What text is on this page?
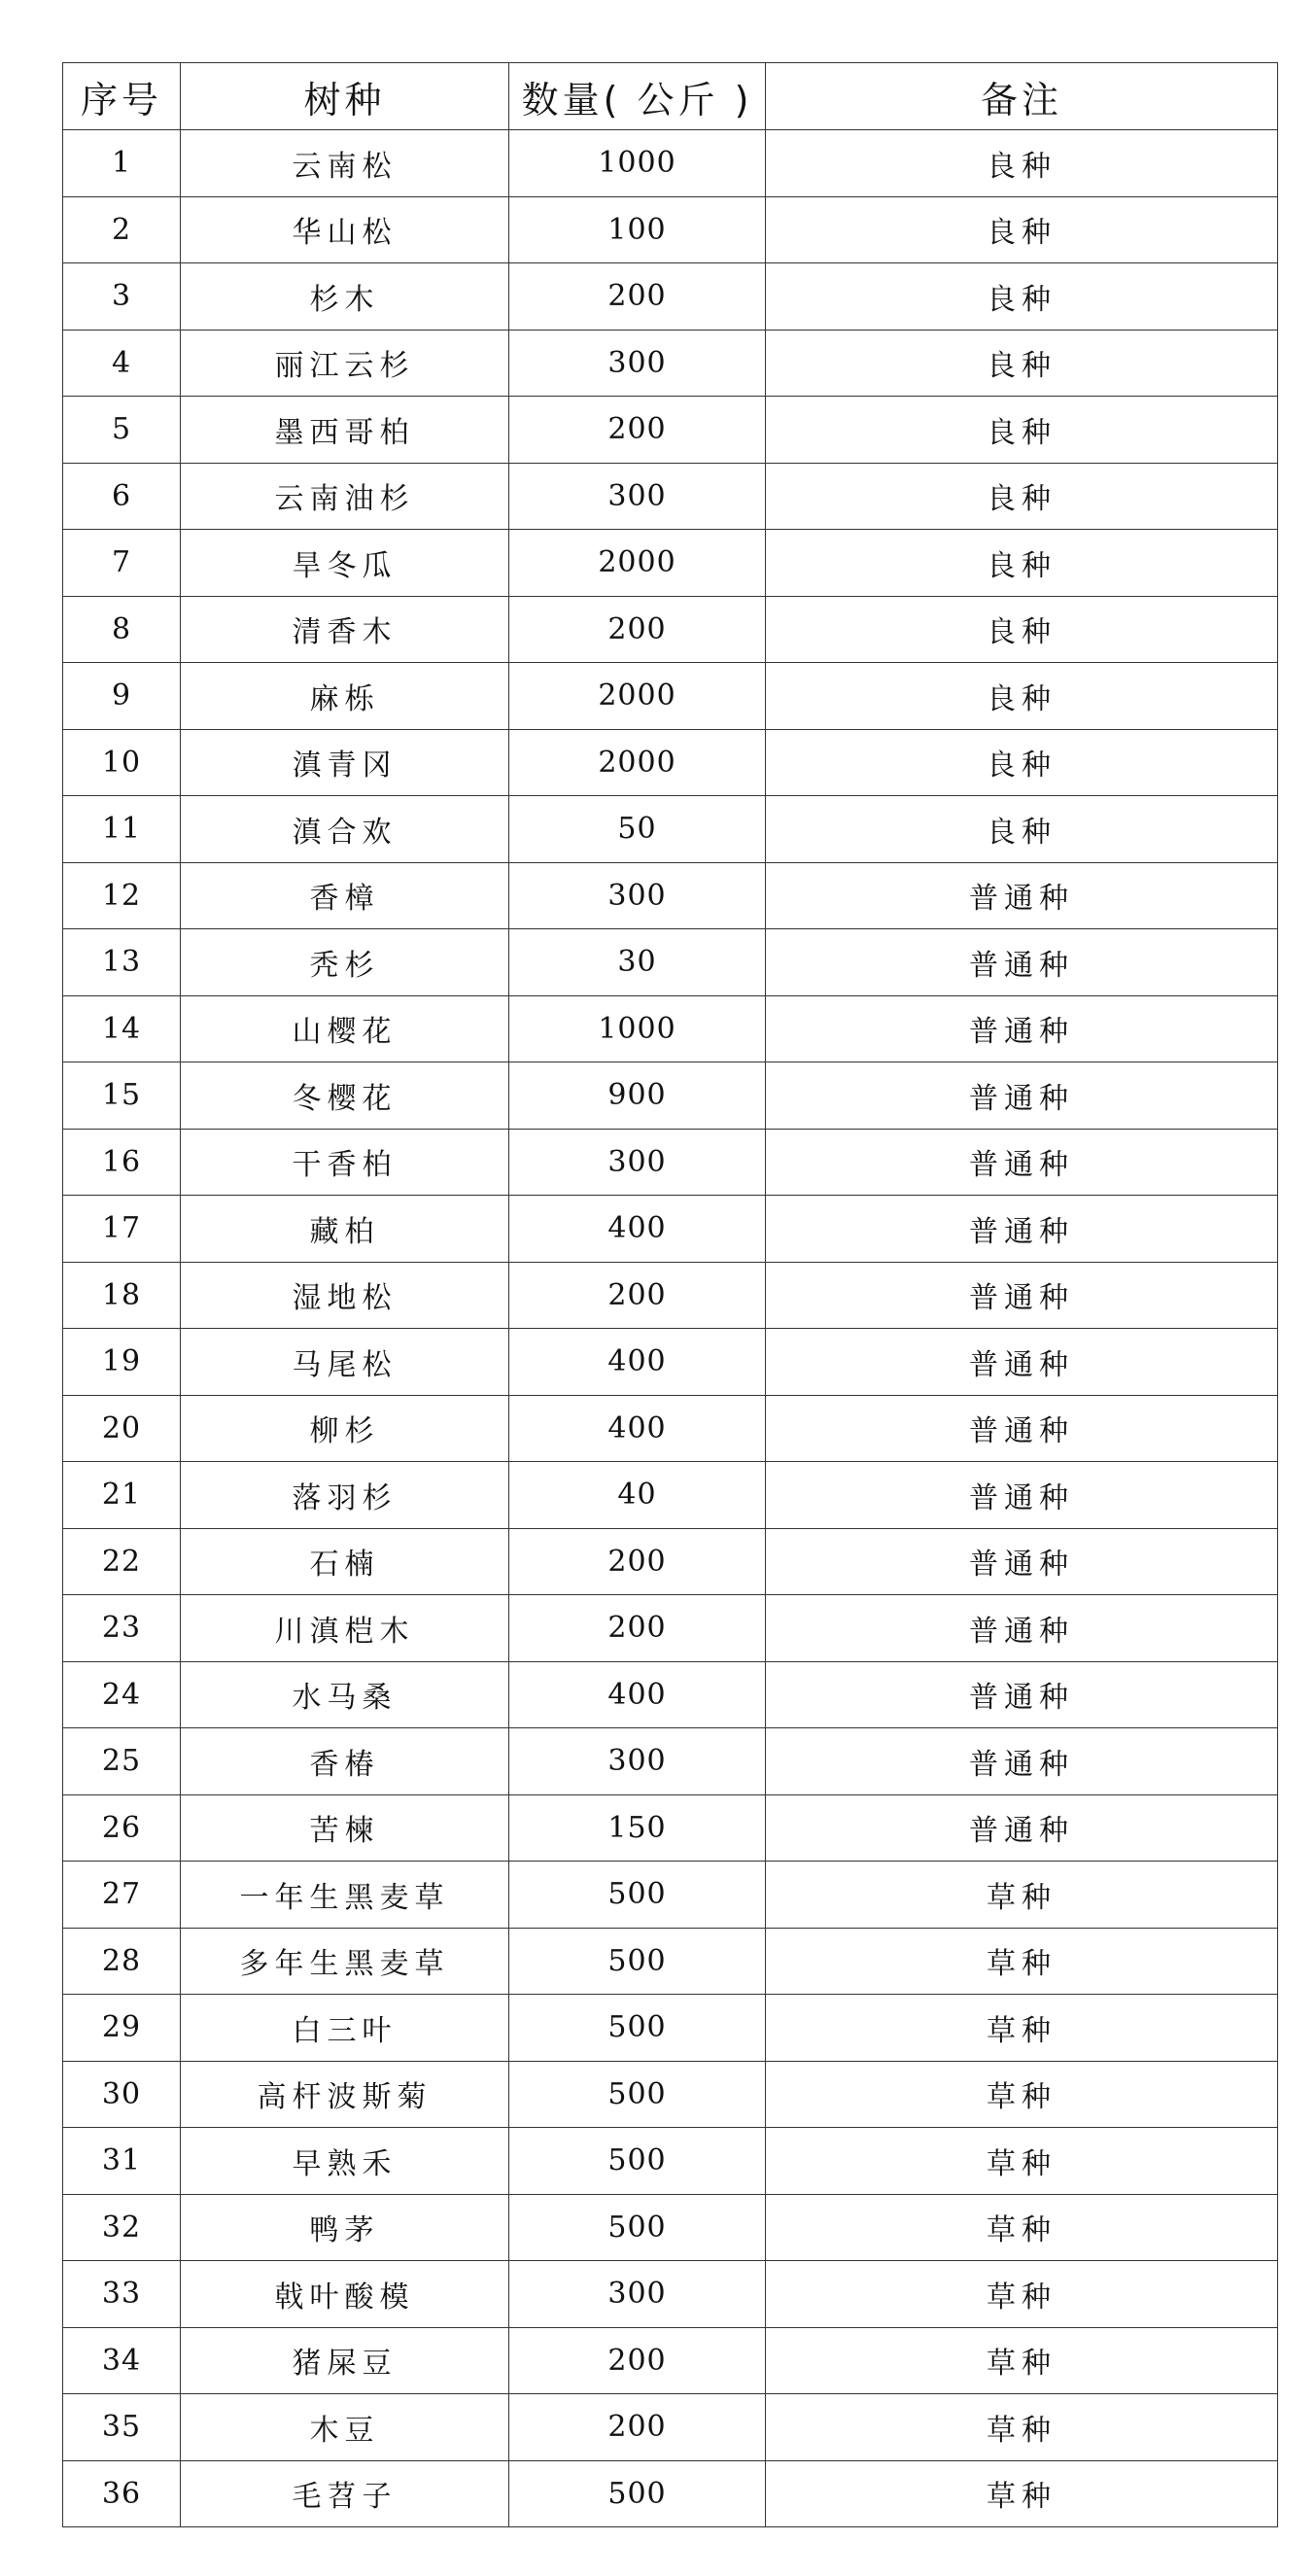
序号	树种	数量( 公斤 )	备注
1	云南松	1000	良种
2	华山松	100	良种
3	杉木	200	良种
4	丽江云杉	300	良种
5	墨西哥柏	200	良种
6	云南油杉	300	良种
7	旱冬瓜	2000	良种
8	清香木	200	良种
9	麻栎	2000	良种
10	滇青冈	2000	良种
11	滇合欢	50	良种
12	香樟	300	普通种
13	秃杉	30	普通种
14	山樱花	1000	普通种
15	冬樱花	900	普通种
16	干香柏	300	普通种
17	藏柏	400	普通种
18	湿地松	200	普通种
19	马尾松	400	普通种
20	柳杉	400	普通种
21	落羽杉	40	普通种
22	石楠	200	普通种
23	川滇桤木	200	普通种
24	水马桑	400	普通种
25	香椿	300	普通种
26	苦楝	150	普通种
27	一年生黑麦草	500	草种
28	多年生黑麦草	500	草种
29	白三叶	500	草种
30	高杆波斯菊	500	草种
31	早熟禾	500	草种
32	鸭茅	500	草种
33	戟叶酸模	300	草种
34	猪屎豆	200	草种
35	木豆	200	草种
36	毛苕子	500	草种
